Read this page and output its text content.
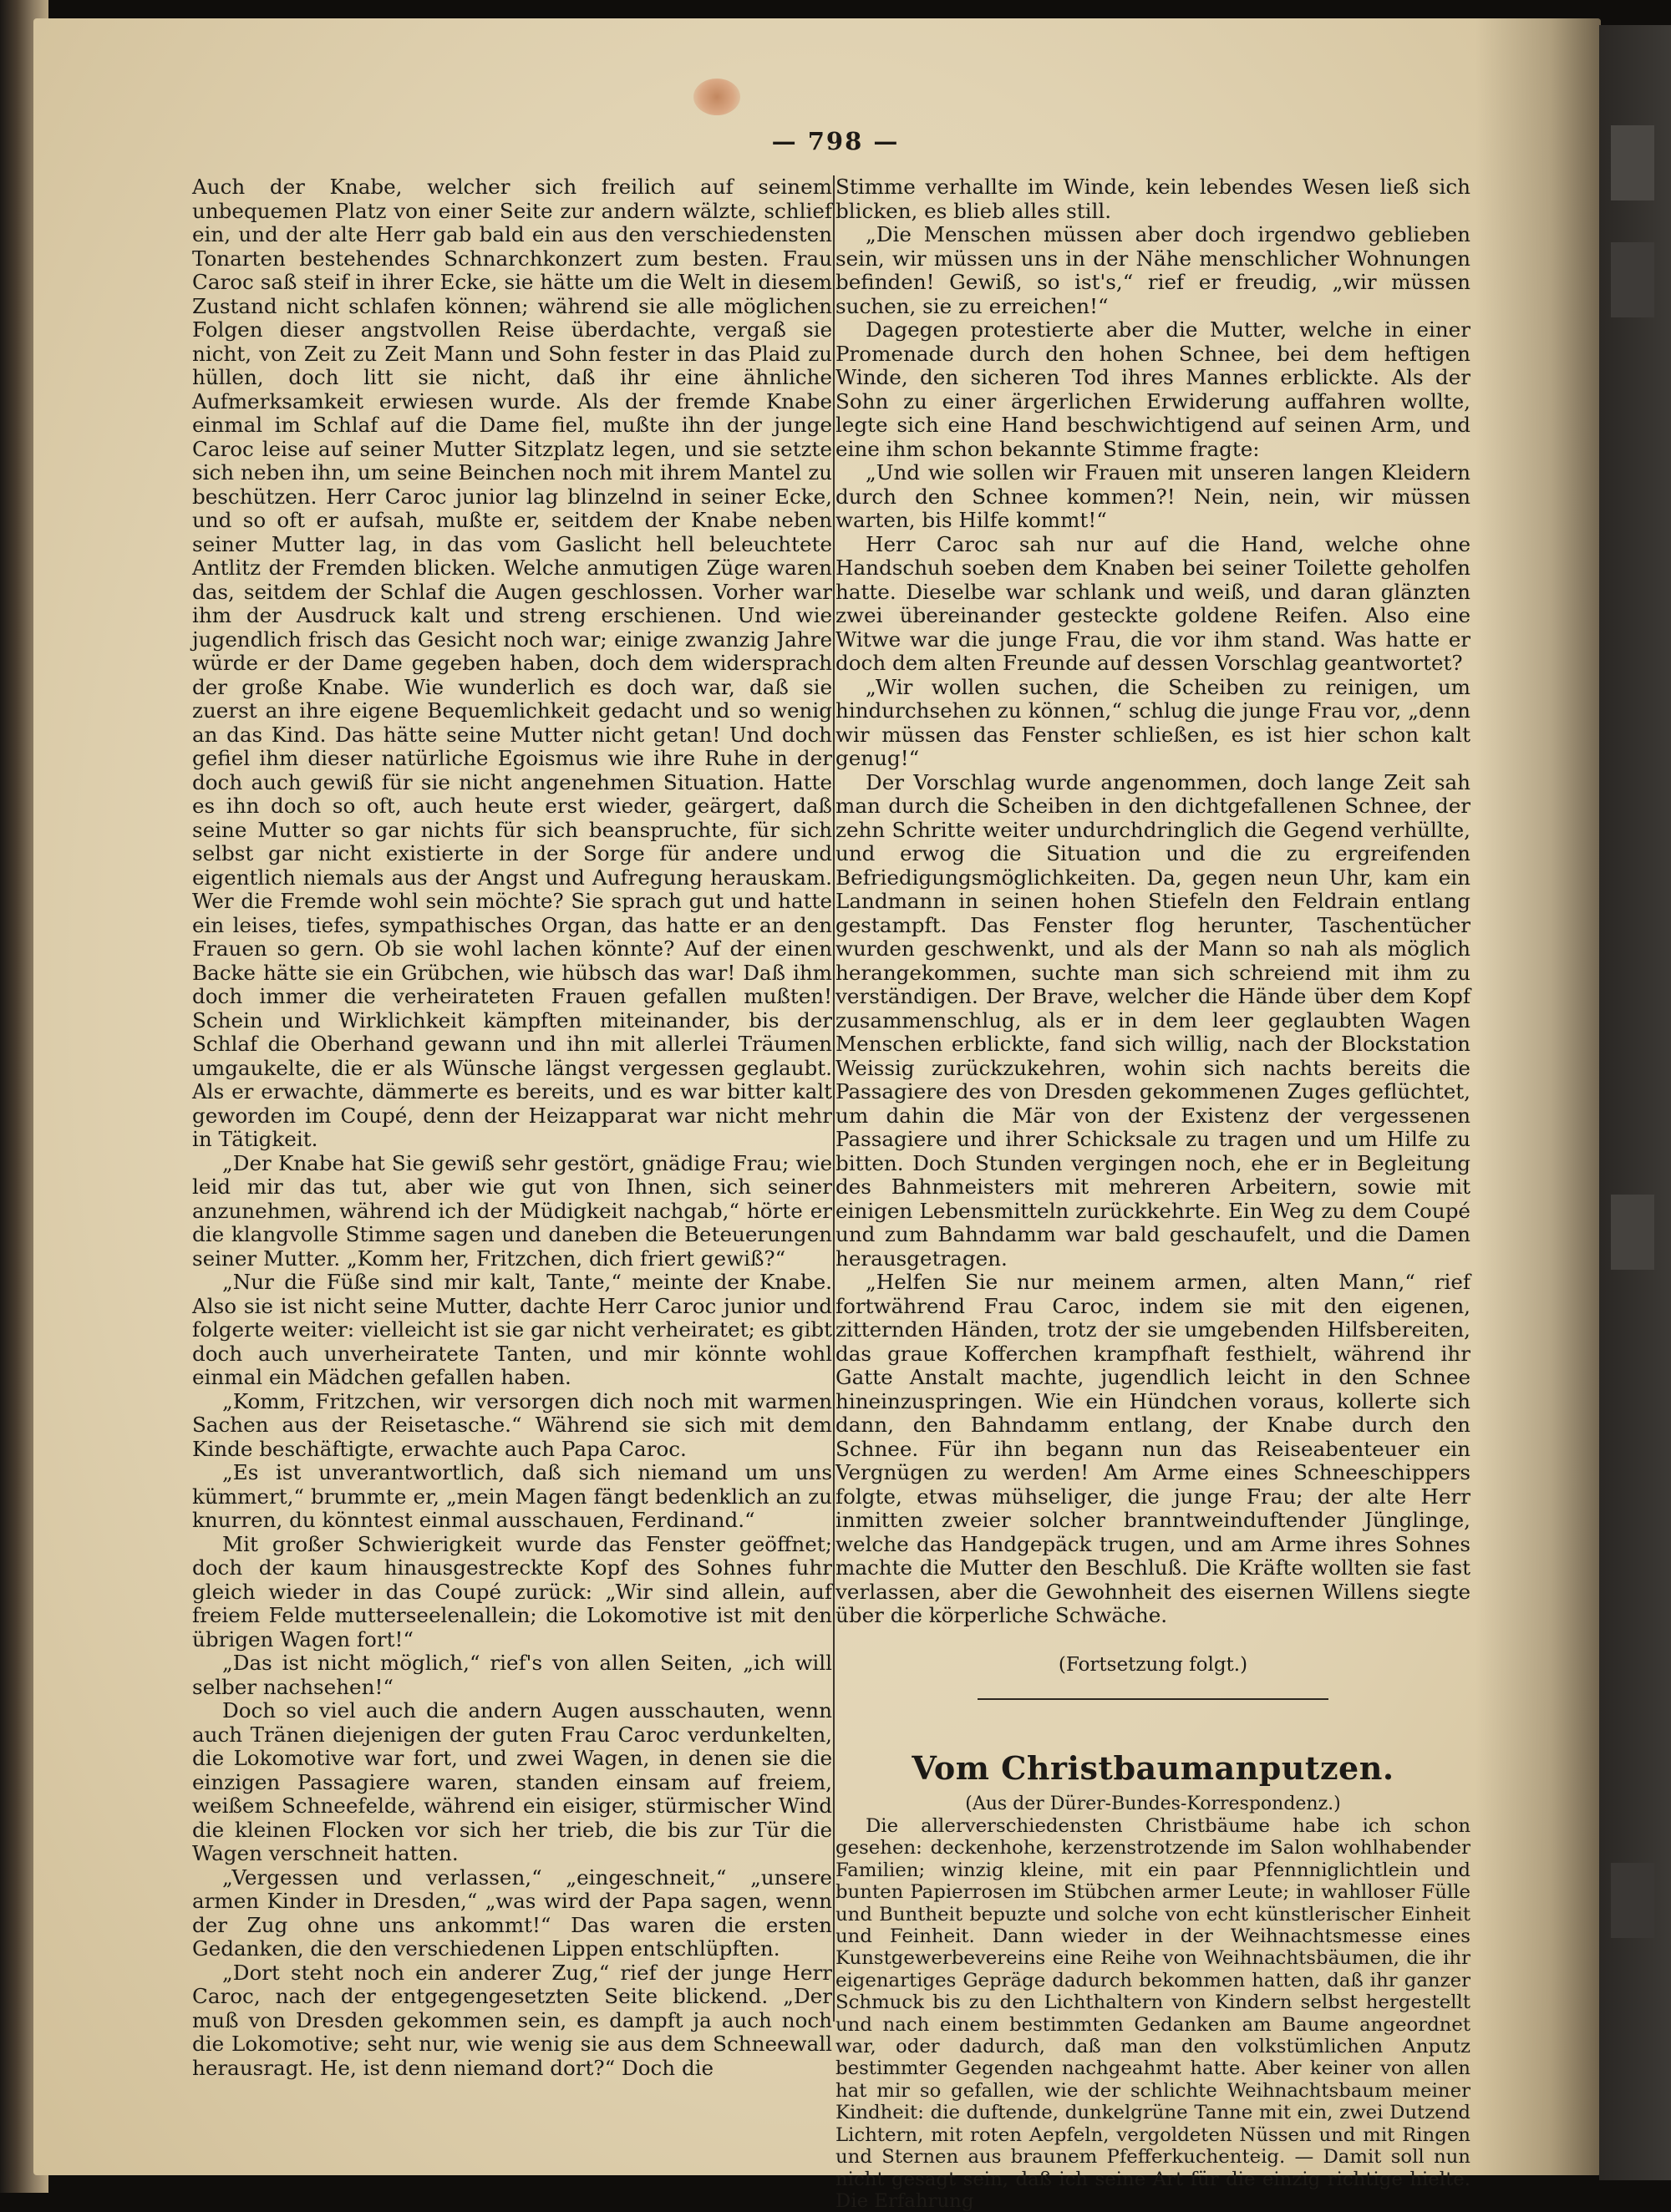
— 798 —

Auch der Knabe, welcher sich freilich auf seinem unbequemen Platz von einer Seite zur andern wälzte, schlief ein, und der alte Herr gab bald ein aus den verschiedensten Tonarten bestehendes Schnarchkonzert zum besten. Frau Caroc saß steif in ihrer Ecke, sie hätte um die Welt in diesem Zustand nicht schlafen können; während sie alle möglichen Folgen dieser angstvollen Reise überdachte, vergaß sie nicht, von Zeit zu Zeit Mann und Sohn fester in das Plaid zu hüllen, doch litt sie nicht, daß ihr eine ähnliche Aufmerksamkeit erwiesen wurde. Als der fremde Knabe einmal im Schlaf auf die Dame fiel, mußte ihn der junge Caroc leise auf seiner Mutter Sitzplatz legen, und sie setzte sich neben ihn, um seine Beinchen noch mit ihrem Mantel zu beschützen. Herr Caroc junior lag blinzelnd in seiner Ecke, und so oft er aufsah, mußte er, seitdem der Knabe neben seiner Mutter lag, in das vom Gaslicht hell beleuchtete Antlitz der Fremden blicken. Welche anmutigen Züge waren das, seitdem der Schlaf die Augen geschlossen. Vorher war ihm der Ausdruck kalt und streng erschienen. Und wie jugendlich frisch das Gesicht noch war; einige zwanzig Jahre würde er der Dame gegeben haben, doch dem widersprach der große Knabe. Wie wunderlich es doch war, daß sie zuerst an ihre eigene Bequemlichkeit gedacht und so wenig an das Kind. Das hätte seine Mutter nicht getan! Und doch gefiel ihm dieser natürliche Egoismus wie ihre Ruhe in der doch auch gewiß für sie nicht angenehmen Situation. Hatte es ihn doch so oft, auch heute erst wieder, geärgert, daß seine Mutter so gar nichts für sich beanspruchte, für sich selbst gar nicht existierte in der Sorge für andere und eigentlich niemals aus der Angst und Aufregung herauskam. Wer die Fremde wohl sein möchte? Sie sprach gut und hatte ein leises, tiefes, sympathisches Organ, das hatte er an den Frauen so gern. Ob sie wohl lachen könnte? Auf der einen Backe hätte sie ein Grübchen, wie hübsch das war! Daß ihm doch immer die verheirateten Frauen gefallen mußten! Schein und Wirklichkeit kämpften miteinander, bis der Schlaf die Oberhand gewann und ihn mit allerlei Träumen umgaukelte, die er als Wünsche längst vergessen geglaubt. Als er erwachte, dämmerte es bereits, und es war bitter kalt geworden im Coupé, denn der Heizapparat war nicht mehr in Tätigkeit.

„Der Knabe hat Sie gewiß sehr gestört, gnädige Frau; wie leid mir das tut, aber wie gut von Ihnen, sich seiner anzunehmen, während ich der Müdigkeit nachgab,“ hörte er die klangvolle Stimme sagen und daneben die Beteuerungen seiner Mutter. „Komm her, Fritzchen, dich friert gewiß?“

„Nur die Füße sind mir kalt, Tante,“ meinte der Knabe. Also sie ist nicht seine Mutter, dachte Herr Caroc junior und folgerte weiter: vielleicht ist sie gar nicht verheiratet; es gibt doch auch unverheiratete Tanten, und mir könnte wohl einmal ein Mädchen gefallen haben.

„Komm, Fritzchen, wir versorgen dich noch mit warmen Sachen aus der Reisetasche.“ Während sie sich mit dem Kinde beschäftigte, erwachte auch Papa Caroc.

„Es ist unverantwortlich, daß sich niemand um uns kümmert,“ brummte er, „mein Magen fängt bedenklich an zu knurren, du könntest einmal ausschauen, Ferdinand.“

Mit großer Schwierigkeit wurde das Fenster geöffnet; doch der kaum hinausgestreckte Kopf des Sohnes fuhr gleich wieder in das Coupé zurück: „Wir sind allein, auf freiem Felde mutterseelenallein; die Lokomotive ist mit den übrigen Wagen fort!“

„Das ist nicht möglich,“ rief's von allen Seiten, „ich will selber nachsehen!“

Doch so viel auch die andern Augen ausschauten, wenn auch Tränen diejenigen der guten Frau Caroc verdunkelten, die Lokomotive war fort, und zwei Wagen, in denen sie die einzigen Passagiere waren, standen einsam auf freiem, weißem Schneefelde, während ein eisiger, stürmischer Wind die kleinen Flocken vor sich her trieb, die bis zur Tür die Wagen verschneit hatten.

„Vergessen und verlassen,“ „eingeschneit,“ „unsere armen Kinder in Dresden,“ „was wird der Papa sagen, wenn der Zug ohne uns ankommt!“ Das waren die ersten Gedanken, die den verschiedenen Lippen entschlüpften.

„Dort steht noch ein anderer Zug,“ rief der junge Herr Caroc, nach der entgegengesetzten Seite blickend. „Der muß von Dresden gekommen sein, es dampft ja auch noch die Lokomotive; seht nur, wie wenig sie aus dem Schneewall herausragt. He, ist denn niemand dort?“ Doch die

Stimme verhallte im Winde, kein lebendes Wesen ließ sich blicken, es blieb alles still.

„Die Menschen müssen aber doch irgendwo geblieben sein, wir müssen uns in der Nähe menschlicher Wohnungen befinden! Gewiß, so ist's,“ rief er freudig, „wir müssen suchen, sie zu erreichen!“

Dagegen protestierte aber die Mutter, welche in einer Promenade durch den hohen Schnee, bei dem heftigen Winde, den sicheren Tod ihres Mannes erblickte. Als der Sohn zu einer ärgerlichen Erwiderung auffahren wollte, legte sich eine Hand beschwichtigend auf seinen Arm, und eine ihm schon bekannte Stimme fragte:

„Und wie sollen wir Frauen mit unseren langen Kleidern durch den Schnee kommen?! Nein, nein, wir müssen warten, bis Hilfe kommt!“

Herr Caroc sah nur auf die Hand, welche ohne Handschuh soeben dem Knaben bei seiner Toilette geholfen hatte. Dieselbe war schlank und weiß, und daran glänzten zwei übereinander gesteckte goldene Reifen. Also eine Witwe war die junge Frau, die vor ihm stand. Was hatte er doch dem alten Freunde auf dessen Vorschlag geantwortet?

„Wir wollen suchen, die Scheiben zu reinigen, um hindurchsehen zu können,“ schlug die junge Frau vor, „denn wir müssen das Fenster schließen, es ist hier schon kalt genug!“

Der Vorschlag wurde angenommen, doch lange Zeit sah man durch die Scheiben in den dichtgefallenen Schnee, der zehn Schritte weiter undurchdringlich die Gegend verhüllte, und erwog die Situation und die zu ergreifenden Befriedigungsmöglichkeiten. Da, gegen neun Uhr, kam ein Landmann in seinen hohen Stiefeln den Feldrain entlang gestampft. Das Fenster flog herunter, Taschentücher wurden geschwenkt, und als der Mann so nah als möglich herangekommen, suchte man sich schreiend mit ihm zu verständigen. Der Brave, welcher die Hände über dem Kopf zusammenschlug, als er in dem leer geglaubten Wagen Menschen erblickte, fand sich willig, nach der Blockstation Weissig zurückzukehren, wohin sich nachts bereits die Passagiere des von Dresden gekommenen Zuges geflüchtet, um dahin die Mär von der Existenz der vergessenen Passagiere und ihrer Schicksale zu tragen und um Hilfe zu bitten. Doch Stunden vergingen noch, ehe er in Begleitung des Bahnmeisters mit mehreren Arbeitern, sowie mit einigen Lebensmitteln zurückkehrte. Ein Weg zu dem Coupé und zum Bahndamm war bald geschaufelt, und die Damen herausgetragen.

„Helfen Sie nur meinem armen, alten Mann,“ rief fortwährend Frau Caroc, indem sie mit den eigenen, zitternden Händen, trotz der sie umgebenden Hilfsbereiten, das graue Kofferchen krampfhaft festhielt, während ihr Gatte Anstalt machte, jugendlich leicht in den Schnee hineinzuspringen. Wie ein Hündchen voraus, kollerte sich dann, den Bahndamm entlang, der Knabe durch den Schnee. Für ihn begann nun das Reiseabenteuer ein Vergnügen zu werden! Am Arme eines Schneeschippers folgte, etwas mühseliger, die junge Frau; der alte Herr inmitten zweier solcher branntweinduftender Jünglinge, welche das Handgepäck trugen, und am Arme ihres Sohnes machte die Mutter den Beschluß. Die Kräfte wollten sie fast verlassen, aber die Gewohnheit des eisernen Willens siegte über die körperliche Schwäche.

(Fortsetzung folgt.)

Vom Christbaumanputzen.
(Aus der Dürer-Bundes-Korrespondenz.)

Die allerverschiedensten Christbäume habe ich schon gesehen: deckenhohe, kerzenstrotzende im Salon wohlhabender Familien; winzig kleine, mit ein paar Pfennniglichtlein und bunten Papierrosen im Stübchen armer Leute; in wahlloser Fülle und Buntheit bepuzte und solche von echt künstlerischer Einheit und Feinheit. Dann wieder in der Weihnachtsmesse eines Kunstgewerbevereins eine Reihe von Weihnachtsbäumen, die ihr eigenartiges Gepräge dadurch bekommen hatten, daß ihr ganzer Schmuck bis zu den Lichthaltern von Kindern selbst hergestellt und nach einem bestimmten Gedanken am Baume angeordnet war, oder dadurch, daß man den volkstümlichen Anputz bestimmter Gegenden nachgeahmt hatte. Aber keiner von allen hat mir so gefallen, wie der schlichte Weihnachtsbaum meiner Kindheit: die duftende, dunkelgrüne Tanne mit ein, zwei Dutzend Lichtern, mit roten Aepfeln, vergoldeten Nüssen und mit Ringen und Sternen aus braunem Pfefferkuchenteig. — Damit soll nun nicht gesagt sein, daß ich seine Art für die einzig richtige hielte. Die Erfahrung
